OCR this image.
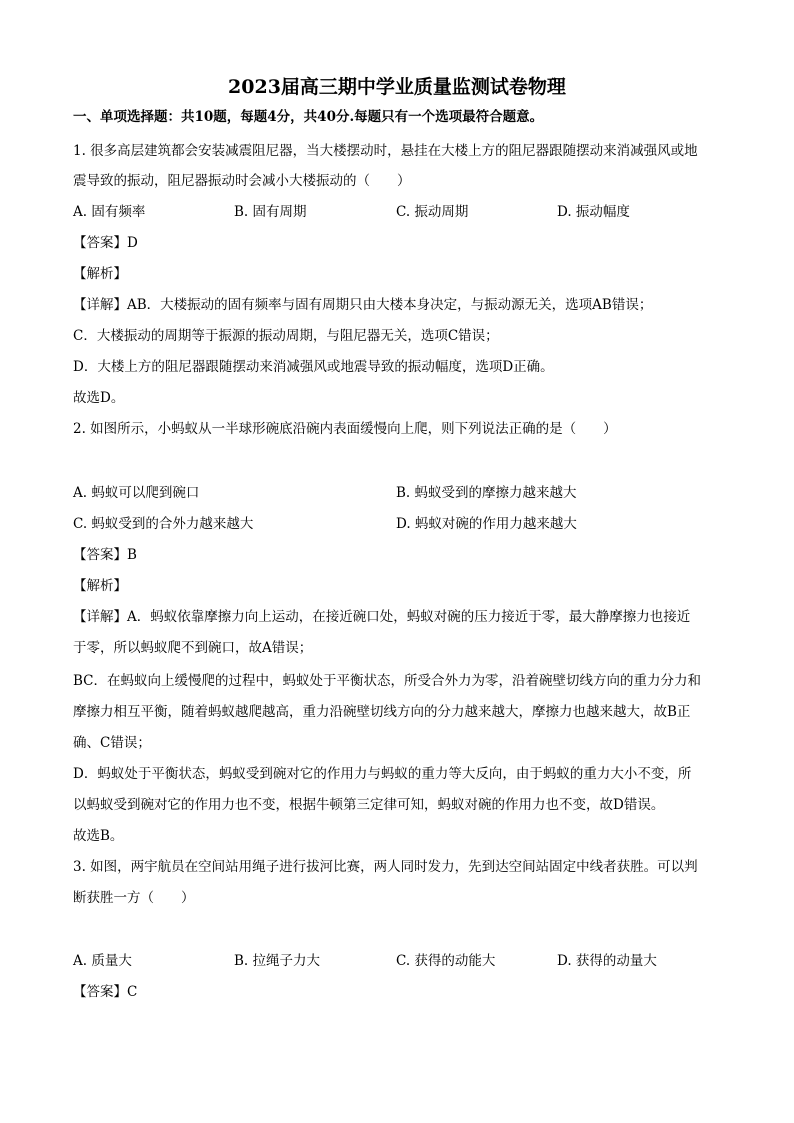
2023届高三期中学业质量监测试卷物理
一、单项选择题：共10题，每题4分，共40分.每题只有一个选项最符合题意。
1. 很多高层建筑都会安装减震阻尼器，当大楼摆动时，悬挂在大楼上方的阻尼器跟随摆动来消减强风或地
震导致的振动，阻尼器振动时会减小大楼振动的（　　）
A. 固有频率	B. 固有周期	C. 振动周期	D. 振动幅度
【答案】D
【解析】
【详解】AB．大楼振动的固有频率与固有周期只由大楼本身决定，与振动源无关，选项AB错误；
C．大楼振动的周期等于振源的振动周期，与阻尼器无关，选项C错误；
D．大楼上方的阻尼器跟随摆动来消减强风或地震导致的振动幅度，选项D正确。
故选D。
2. 如图所示，小蚂蚁从一半球形碗底沿碗内表面缓慢向上爬，则下列说法正确的是（　　）
A. 蚂蚁可以爬到碗口	B. 蚂蚁受到的摩擦力越来越大
C. 蚂蚁受到的合外力越来越大	D. 蚂蚁对碗的作用力越来越大
【答案】B
【解析】
【详解】A．蚂蚁依靠摩擦力向上运动，在接近碗口处，蚂蚁对碗的压力接近于零，最大静摩擦力也接近
于零，所以蚂蚁爬不到碗口，故A错误；
BC．在蚂蚁向上缓慢爬的过程中，蚂蚁处于平衡状态，所受合外力为零，沿着碗壁切线方向的重力分力和
摩擦力相互平衡，随着蚂蚁越爬越高，重力沿碗壁切线方向的分力越来越大，摩擦力也越来越大，故B正
确、C错误；
D．蚂蚁处于平衡状态，蚂蚁受到碗对它的作用力与蚂蚁的重力等大反向，由于蚂蚁的重力大小不变，所
以蚂蚁受到碗对它的作用力也不变，根据牛顿第三定律可知，蚂蚁对碗的作用力也不变，故D错误。
故选B。
3. 如图，两宇航员在空间站用绳子进行拔河比赛，两人同时发力，先到达空间站固定中线者获胜。可以判
断获胜一方（　　）
A. 质量大	B. 拉绳子力大	C. 获得的动能大	D. 获得的动量大
【答案】C
